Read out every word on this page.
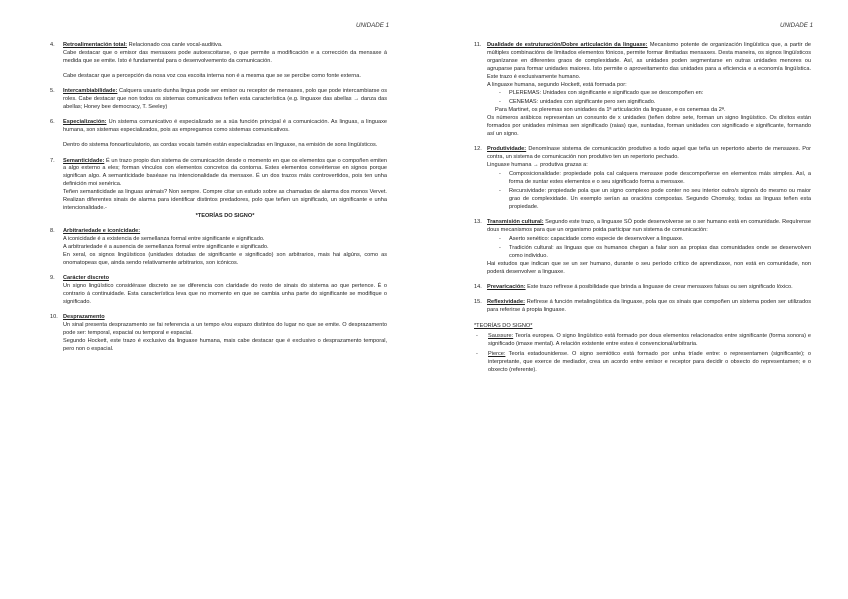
UNIDADE 1
4. Retroalimentación total: Relacionado coa canle vocal-auditiva.
Cabe destacar que o emisor das mensaxes pode autoescoitarse, o que permite a modificación e a corrección da mensaxe á medida que se emite. Isto é fundamental para o desenvolvemento da comunicación.
Cabe destacar que a percepción da nosa voz coa escoita interna non é a mesma que se se percibe como fonte externa.
5. Intercambiabilidade: Calquera usuario dunha lingua pode ser emisor ou receptor de mensaxes, polo que pode intercambiarse os roles. Cabe destacar que non todos os sistemas comunicativos teñen esta característica (e.g. linguaxe das abellas → danza das abellas; Honey bee democracy, T. Seeley)
6. Especialización: Un sistema comunicativo é especializado se a súa función principal é a comunicación. As linguas, a linguaxe humana, son sistemas especializados, pois as empregamos como sistemas comunicativos.
Dentro do sistema fonoarticulatorio, as cordas vocais tamén están especializadas en linguaxe, na emisión de sons lingüísticos.
7. Semanticidade: É un trazo propio dun sistema de comunicación desde o momento en que os elementos que o compoñen emiten a algo externo a eles; forman vínculos con elementos concretos da contorna. Estes elementos convértense en signos porque significan algo. A semanticidade baséase na intencionalidade da mensaxe. É un dos trazos máis controvertidos, pois ten unha definición moi xenérica.
Teñen semanticidade as linguas animais? Non sempre. Compre citar un estudo sobre as chamadas de alarma dos monos Vervet. Realizan diferentes sinais de alarma para identificar distintos predadores, polo que teñen un significado, un significante e unha intencionalidade.-
*TEORÍAS DO SIGNO*
8. Arbitrariedade e iconicidade:
A iconicidade é a existencia de semellanza formal entre significante e significado.
A arbitrariedade é a ausencia de semellanza formal entre significante e significado.
En xeral, os signos lingüísticos (unidades dotadas de significante e significado) son arbitrarios, mais hai algúns, como as onomatopeas que, ainda sendo relativamente arbitrarios, son icónicos.
9. Carácter discreto
Un signo lingüístico considérase discreto se se diferencia con claridade do resto de sinais do sistema ao que pertence. É o contrario á continuidade. Esta característica leva que no momento en que se cambia unha parte do significante se modifique o significado.
10. Desprazamento
Un sinal presenta desprazamento se fai referencia a un tempo e/ou espazo distintos do lugar no que se emite. O desprazamento pode ser: temporal, espacial ou temporal e espacial.
Segundo Hockett, este trazo é exclusivo da linguaxe humana, mais cabe destacar que é exclusivo o desprazamento temporal, pero non o espacial.
UNIDADE 1
11. Dualidade de estruturación/Dobre articulación da linguaxe: Mecanismo potente de organización lingüística que, a partir de múltiples combinacións de limitados elementos fónicos, permite formar ilimitadas mensaxes. Desta maneira, os signos lingüísticos organízanse en diferentes graos de complexidade. Así, as unidades poden segmentarse en outras unidades menores ou agruparse para formar unidades maiores. Isto permite o aproveitamento das unidades para a eficiencia e a economía lingüística. Este trazo é exclusivamente humano.
A linguaxe humana, segundo Hockett, está formada por:
- PLEREMAS: Unidades con significante e significado que se descompoñen en:
- CENEMAS: unidades con significante pero sen significado.
Para Martinet, os pleremas son unidades da 1ª articulación da linguaxe, e os cenemas da 2ª.
Os números arábicos representan un conxunto de x unidades (teñen dobre sete, forman un signo lingüístico. Os díxitos están formados por unidades mínimas sen significado (raias) que, xuntadas, forman unidades con significado e significante, formando así un signo.
12. Produtividade: Denomínase sistema de comunicación produtivo a todo aquel que teña un repertorio aberto de mensaxes. Por contra, un sistema de comunicación non produtivo ten un repertorio pechado.
Linguaxe humana → produtiva grazas a:
- Composicionalidade: propiedade pola cal calquera mensaxe pode descompoñerse en elementos máis simples. Así, a forma de xuntar estes elementos e o seu significado forma a mensaxe.
- Recursividade: propiedade pola que un signo complexo pode conter no seu interior outro/s signo/s do mesmo ou maior grao de complexidade. Un exemplo serían as oracións compostas. Segundo Chomsky, todas as linguas teñen esta propiedade.
13. Transmisión cultural: Segundo este trazo, a linguaxe SÓ pode desenvolverse se o ser humano está en comunidade. Requírense dous mecanismos para que un organismo poida participar nun sistema de comunicación:
- Aserto xenético: capacidade como especie de desenvolver a linguaxe.
- Tradición cultural: as linguas que os humanos chegan a falar son as propias das comunidades onde se desenvolven como individuo.
Hai estudos que indican que se un ser humano, durante o seu período crítico de aprendizaxe, non está en comunidade, non poderá desenvolver a linguaxe.
14. Prevaricación: Este trazo refírese á posibilidade que brinda a linguaxe de crear mensaxes falsas ou sen significado lóxico.
15. Reflexividade: Refírese á función metalingüística da linguaxe, pola que os sinais que compoñen un sistema poden ser utilizados para referirse á propia linguaxe.
*TEORÍAS DO SIGNO*
- Saussure: Teoría europea. O signo lingüístico está formado por dous elementos relacionados entre significante (forma sonora) e significado (imaxe mental). A relación existente entre estes é convencional/arbitraria.
- Pierce: Teoría estadounidense. O signo semiótico está formado por unha tríade entre: o representamen (significante); o interpretante, que exerce de mediador, crea un acordo entre emisor e receptor para decidir o obxecto do representamen; e o obxecto (referente).
